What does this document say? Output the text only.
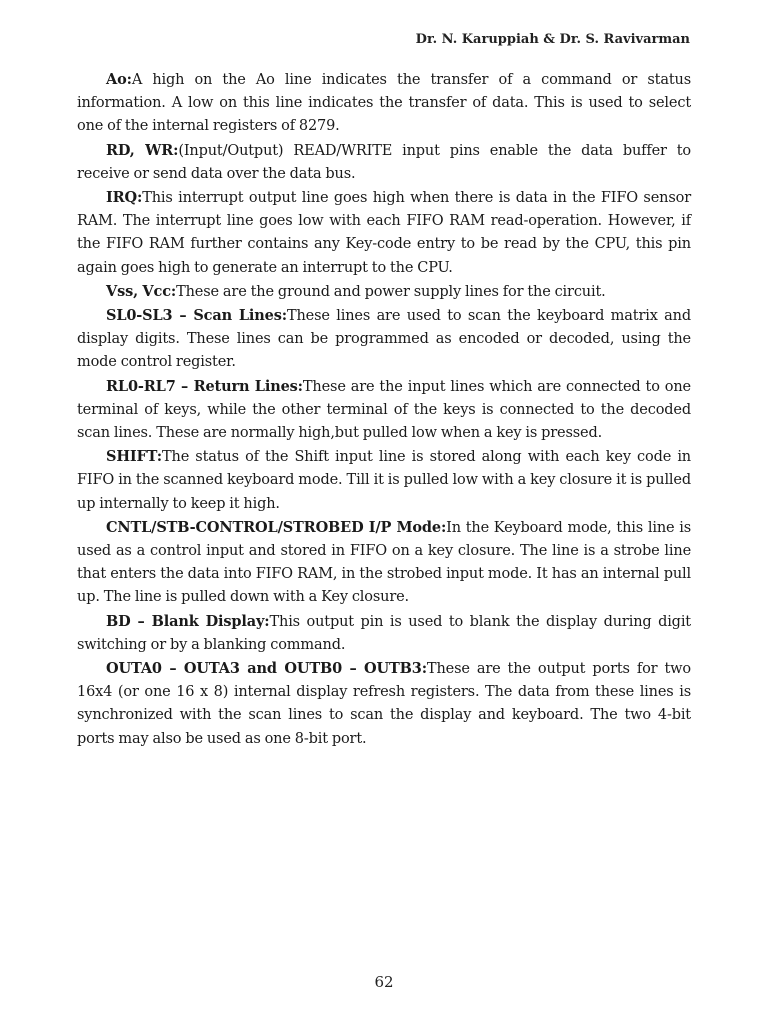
Dr. N. Karuppiah & Dr. S. Ravivarman

Ao:A high on the Ao line indicates the transfer of a command or status information. A low on this line indicates the transfer of data. This is used to select one of the internal registers of 8279.

RD, WR:(Input/Output) READ/WRITE input pins enable the data buffer to receive or send data over the data bus.

IRQ:This interrupt output line goes high when there is data in the FIFO sensor RAM. The interrupt line goes low with each FIFO RAM read-operation. However, if the FIFO RAM further contains any Key-code entry to be read by the CPU, this pin again goes high to generate an interrupt to the CPU.

Vss, Vcc:These are the ground and power supply lines for the circuit.

SL0-SL3 – Scan Lines:These lines are used to scan the keyboard matrix and display digits. These lines can be programmed as encoded or decoded, using the mode control register.

RL0-RL7 – Return Lines:These are the input lines which are connected to one terminal of keys, while the other terminal of the keys is connected to the decoded scan lines. These are normally high,but pulled low when a key is pressed.

SHIFT:The status of the Shift input line is stored along with each key code in FIFO in the scanned keyboard mode. Till it is pulled low with a key closure it is pulled up internally to keep it high.

CNTL/STB-CONTROL/STROBED I/P Mode:In the Keyboard mode, this line is used as a control input and stored in FIFO on a key closure. The line is a strobe line that enters the data into FIFO RAM, in the strobed input mode. It has an internal pull up. The line is pulled down with a Key closure.

BD – Blank Display:This output pin is used to blank the display during digit switching or by a blanking command.

OUTA0 – OUTA3 and OUTB0 – OUTB3:These are the output ports for two 16x4 (or one 16 x 8) internal display refresh registers. The data from these lines is synchronized with the scan lines to scan the display and keyboard. The two 4-bit ports may also be used as one 8-bit port.

62
